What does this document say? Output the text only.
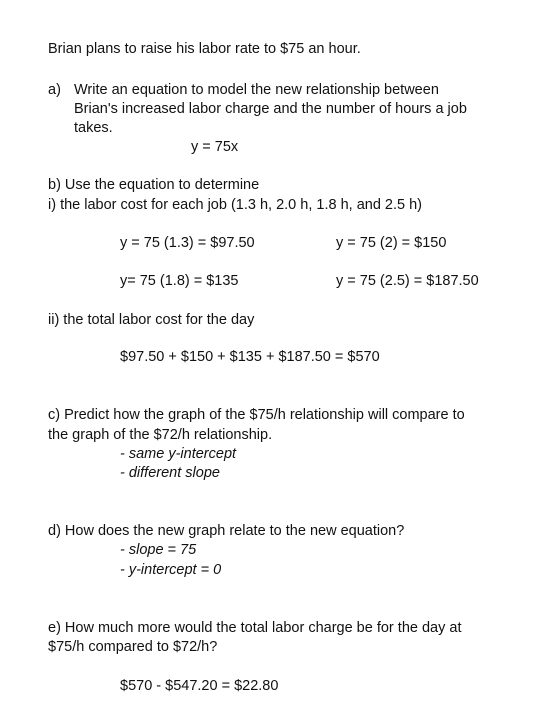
Brian plans to raise his labor rate to $75 an hour.
a) Write an equation to model the new relationship between
Brian's increased labor charge and the number of hours a job
takes.
y = 75x
b) Use the equation to determine
i) the labor cost for each job (1.3 h, 2.0 h, 1.8 h, and 2.5 h)
y = 75 (1.3) = $97.50	y = 75 (2) = $150
y= 75 (1.8) = $135	y = 75 (2.5) = $187.50
ii) the total labor cost for the day
$97.50 + $150 + $135 + $187.50 = $570
c) Predict how the graph of the $75/h relationship will compare to
the graph of the $72/h relationship.
- same y-intercept
- different slope
d) How does the new graph relate to the new equation?
- slope = 75
- y-intercept = 0
e) How much more would the total labor charge be for the day at
$75/h compared to $72/h?
$570 - $547.20 = $22.80
